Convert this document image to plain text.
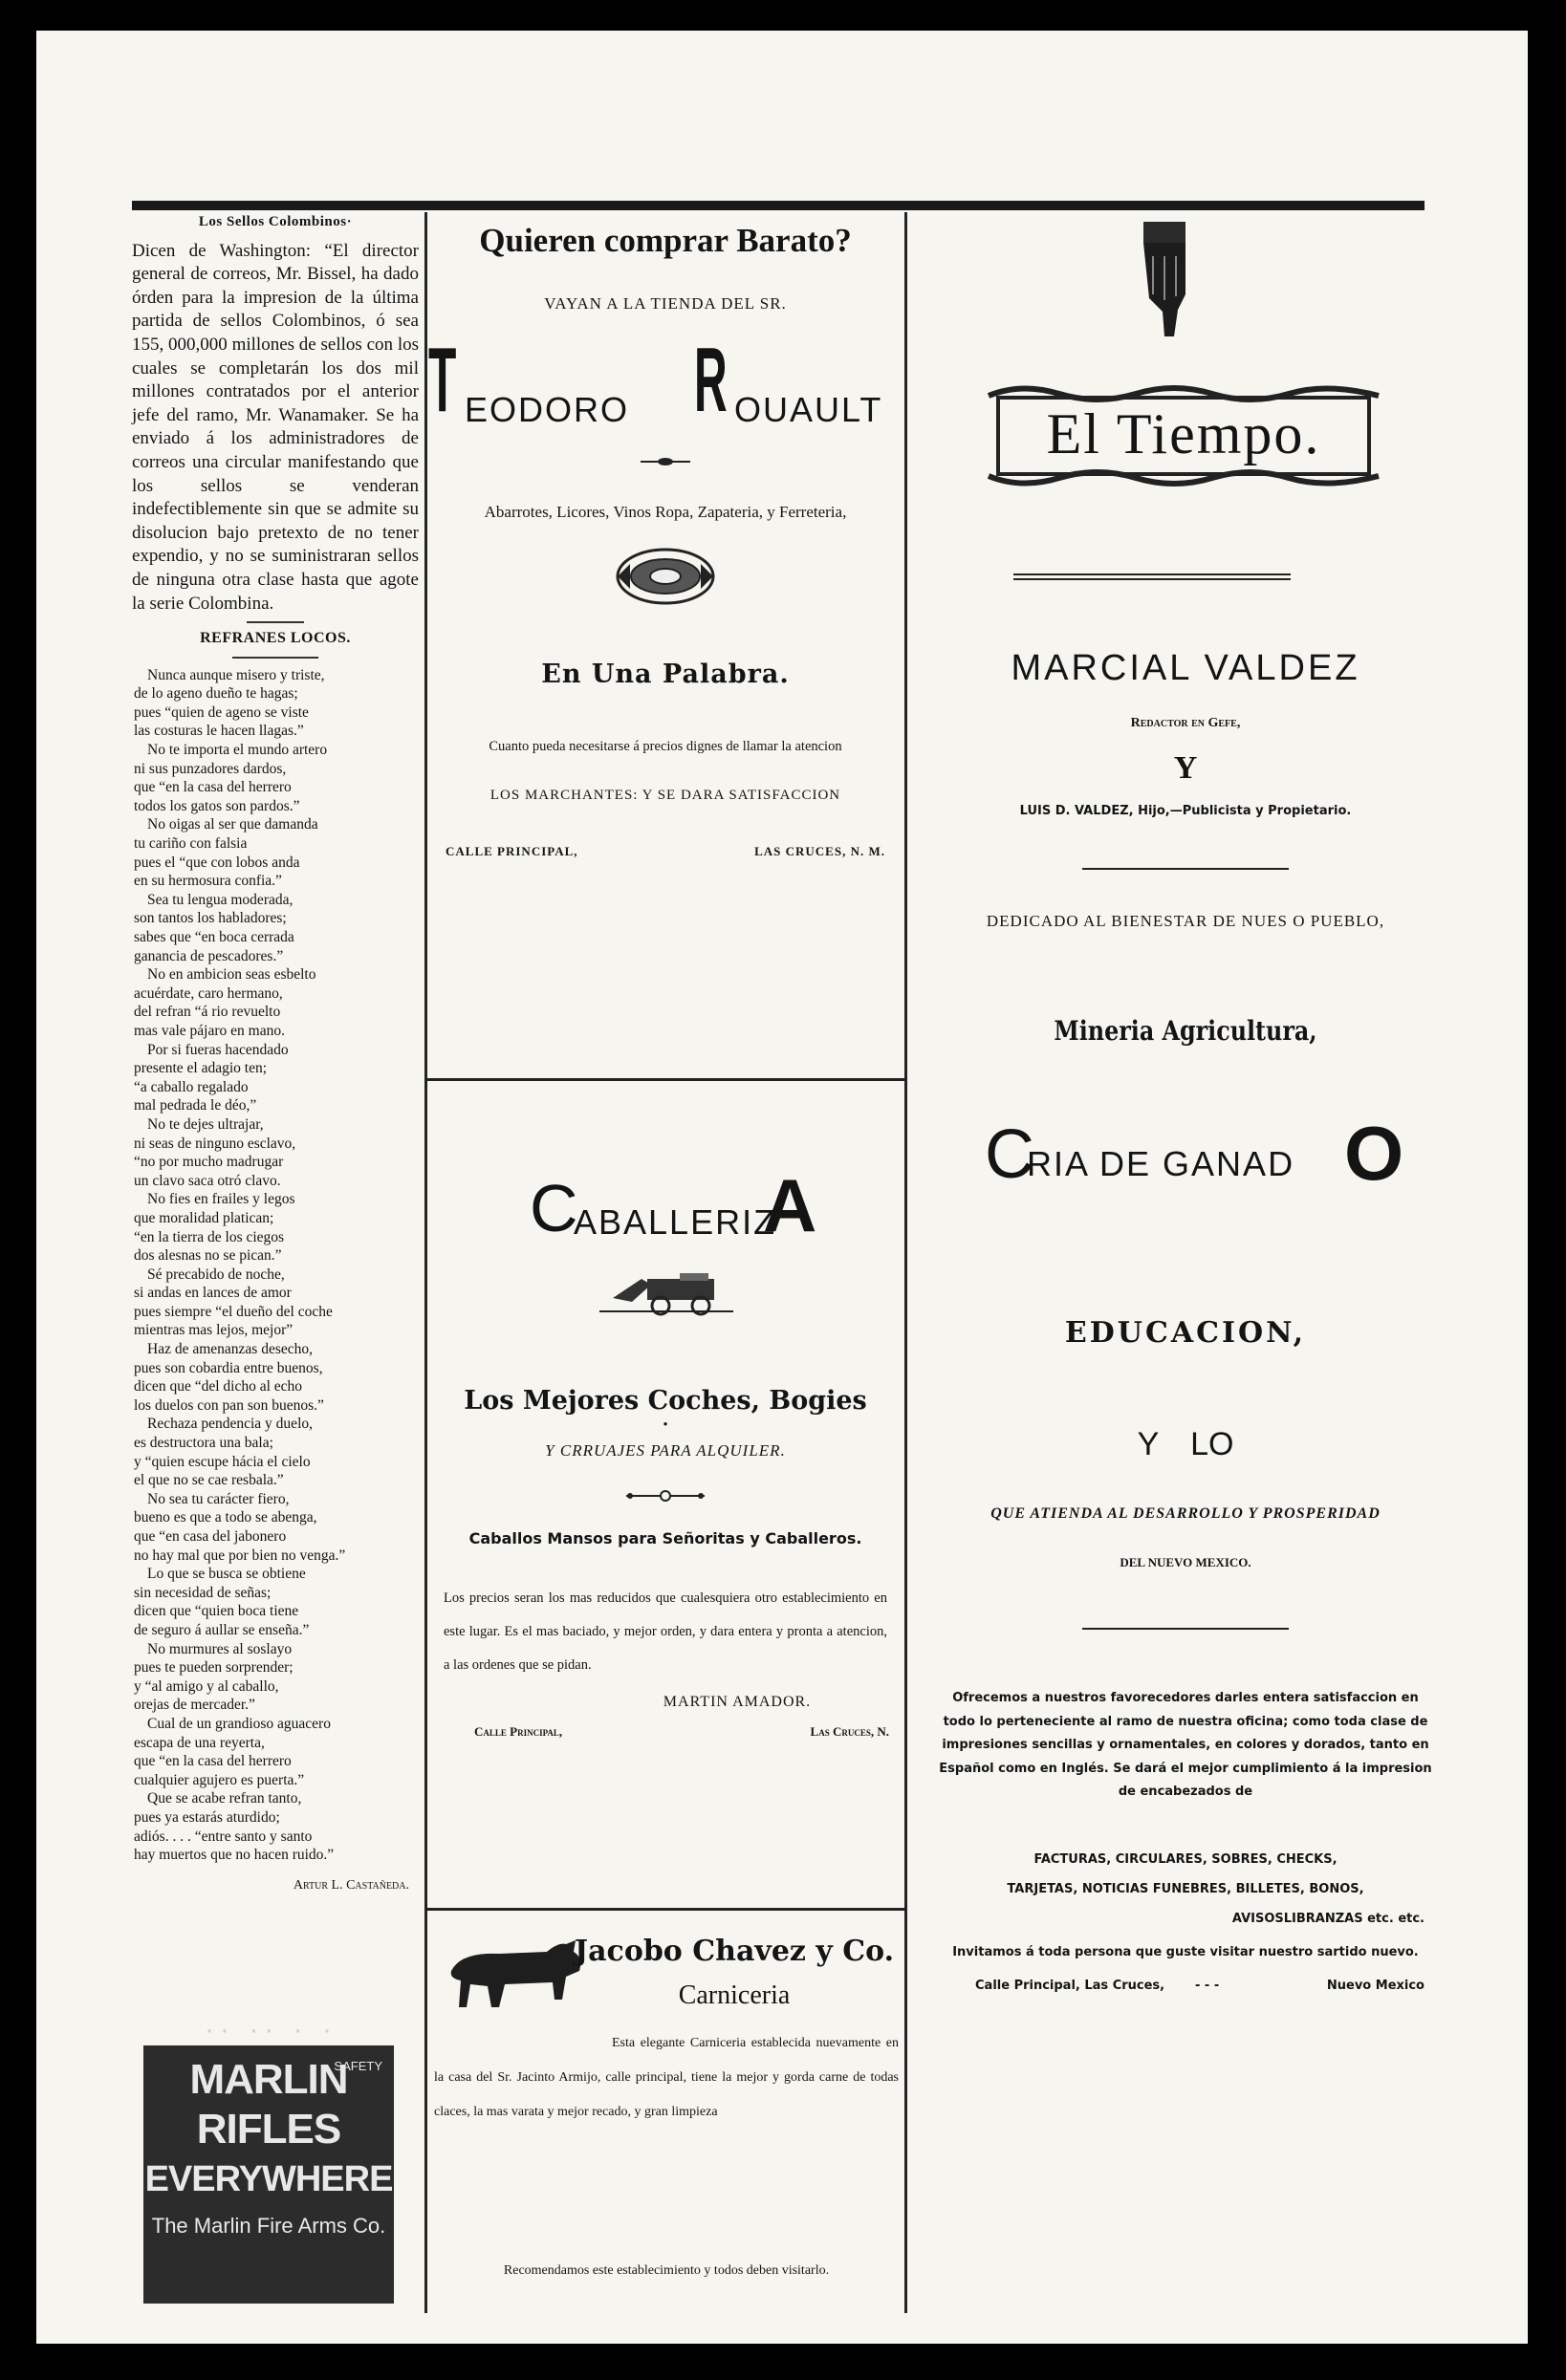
Los Sellos Colombinos·

Dicen de Washington: “El director general de correos, Mr. Bissel, ha dado órden para la impresion de la última partida de sellos Colombinos, ó sea 155, 000,000 millones de sellos con los cuales se completarán los dos mil millones contratados por el anterior jefe del ramo, Mr. Wanamaker. Se ha enviado á los administradores de correos una circular manifestando que los sellos se venderan indefectiblemente sin que se admite su disolucion bajo pretexto de no tener expendio, y no se suministraran sellos de ninguna otra clase hasta que agote la serie Colombina.

REFRANES LOCOS.
Nunca aunque misero y triste,
de lo ageno dueño te hagas;
pues “quien de ageno se viste
las costuras le hacen llagas.”
No te importa el mundo artero
ni sus punzadores dardos,
que “en la casa del herrero
todos los gatos son pardos.”
No oigas al ser que damanda
tu cariño con falsia
pues el “que con lobos anda
en su hermosura confia.”
Sea tu lengua moderada,
son tantos los habladores;
sabes que “en boca cerrada
ganancia de pescadores.”
No en ambicion seas esbelto
acuérdate, caro hermano,
del refran “á rio revuelto
mas vale pájaro en mano.
Por si fueras hacendado
presente el adagio ten;
“a caballo regalado
mal pedrada le déo,”
No te dejes ultrajar,
ni seas de ninguno esclavo,
“no por mucho madrugar
un clavo saca otró clavo.
No fies en frailes y legos
que moralidad platican;
“en la tierra de los ciegos
dos alesnas no se pican.”
Sé precabido de noche,
si andas en lances de amor
pues siempre “el dueño del coche
mientras mas lejos, mejor”
Haz de amenanzas desecho,
pues son cobardia entre buenos,
dicen que “del dicho al echo
los duelos con pan son buenos.”
Rechaza pendencia y duelo,
es destructora una bala;
y “quien escupe hácia el cielo
el que no se cae resbala.”
No sea tu carácter fiero,
bueno es que a todo se abenga,
que “en casa del jabonero
no hay mal que por bien no venga.”
Lo que se busca se obtiene
sin necesidad de señas;
dicen que “quien boca tiene
de seguro á aullar se enseña.”
No murmures al soslayo
pues te pueden sorprender;
y “al amigo y al caballo,
orejas de mercader.”
Cual de un grandioso aguacero
escapa de una reyerta,
que “en la casa del herrero
cualquier agujero es puerta.”
Que se acabe refran tanto,
pues ya estarás aturdido;
adiós. . . . “entre santo y santo
hay muertos que no hacen ruido.”
Artur L. Castañeda.
·· ·· · ·
MARLIN
SAFETY
RIFLES
EVERYWHERE
The Marlin Fire Arms Co.
Quieren comprar Barato?
VAYAN A LA TIENDA DEL SR.
T EODORO R OUAULT
Abarrotes, Licores, Vinos Ropa, Zapateria, y Ferreteria,
En Una Palabra.
Cuanto pueda necesitarse á precios dignes de llamar la atencion
LOS MARCHANTES: Y SE DARA SATISFACCION
CALLE PRINCIPAL,	LAS CRUCES, N. M.
C
ABALLERIZ
A
Los Mejores Coches, Bogies
●
Y CRRUAJES PARA ALQUILER.
Caballos Mansos para Señoritas y Caballeros.
Los precios seran los mas reducidos que cualesquiera otro establecimiento en este lugar. Es el mas baciado, y mejor orden, y dara entera y pronta a atencion, a las ordenes que se pidan.
MARTIN AMADOR.
Calle Principal,	Las Cruces, N.
Jacobo Chavez y Co.
Carniceria
Esta elegante Carniceria establecida nuevamente en la casa del Sr. Jacinto Armijo, calle principal, tiene la mejor y gorda carne de todas claces, la mas varata y mejor recado, y gran limpieza
Recomendamos este establecimiento y todos deben visitarlo.
El Tiempo.
MARCIAL VALDEZ
Redactor en Gefe,
Y
LUIS D. VALDEZ, Hijo,—Publicista y Propietario.
DEDICADO AL BIENESTAR DE NUES O PUEBLO,
Mineria Agricultura,
C
RIA DE GANAD O
EDUCACION,
Y LO
QUE ATIENDA AL DESARROLLO Y PROSPERIDAD
DEL NUEVO MEXICO.
Ofrecemos a nuestros favorecedores darles entera satisfaccion en todo lo perteneciente al ramo de nuestra oficina; como toda clase de impresiones sencillas y ornamentales, en colores y dorados, tanto en Español como en Inglés. Se dará el mejor cumplimiento á la impresion de encabezados de
FACTURAS, CIRCULARES, SOBRES, CHECKS,
TARJETAS, NOTICIAS FUNEBRES, BILLETES, BONOS,
AVISOSLIBRANZAS etc. etc.
Invitamos á toda persona que guste visitar nuestro sartido nuevo.
Calle Principal, Las Cruces, - - -	Nuevo Mexico
